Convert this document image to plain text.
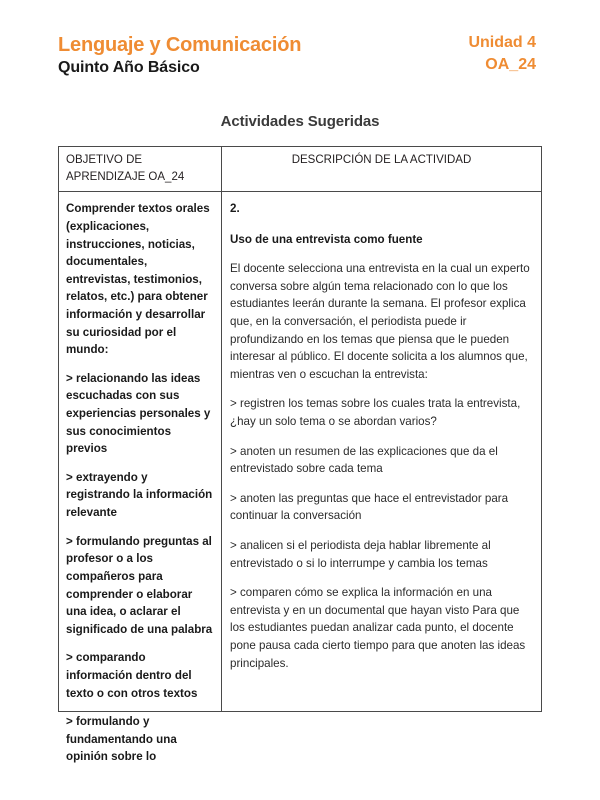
Lenguaje y Comunicación
Quinto Año Básico
Unidad 4
OA_24
Actividades Sugeridas
OBJETIVO DE APRENDIZAJE OA_24
DESCRIPCIÓN DE LA ACTIVIDAD

Comprender textos orales (explicaciones, instrucciones, noticias, documentales, entrevistas, testimonios, relatos, etc.) para obtener información y desarrollar su curiosidad por el mundo:

> relacionando las ideas escuchadas con sus experiencias personales y sus conocimientos previos

> extrayendo y registrando la información relevante

> formulando preguntas al profesor o a los compañeros para comprender o elaborar una idea, o aclarar el significado de una palabra

> comparando información dentro del texto o con otros textos

> formulando y fundamentando una opinión sobre lo

2.

Uso de una entrevista como fuente

El docente selecciona una entrevista en la cual un experto conversa sobre algún tema relacionado con lo que los estudiantes leerán durante la semana. El profesor explica que, en la conversación, el periodista puede ir profundizando en los temas que piensa que le pueden interesar al público. El docente solicita a los alumnos que, mientras ven o escuchan la entrevista:

> registren los temas sobre los cuales trata la entrevista, ¿hay un solo tema o se abordan varios?

> anoten un resumen de las explicaciones que da el entrevistado sobre cada tema

> anoten las preguntas que hace el entrevistador para continuar la conversación

> analicen si el periodista deja hablar libremente al entrevistado o si lo interrumpe y cambia los temas

> comparen cómo se explica la información en una entrevista y en un documental que hayan visto Para que los estudiantes puedan analizar cada punto, el docente pone pausa cada cierto tiempo para que anoten las ideas principales.
